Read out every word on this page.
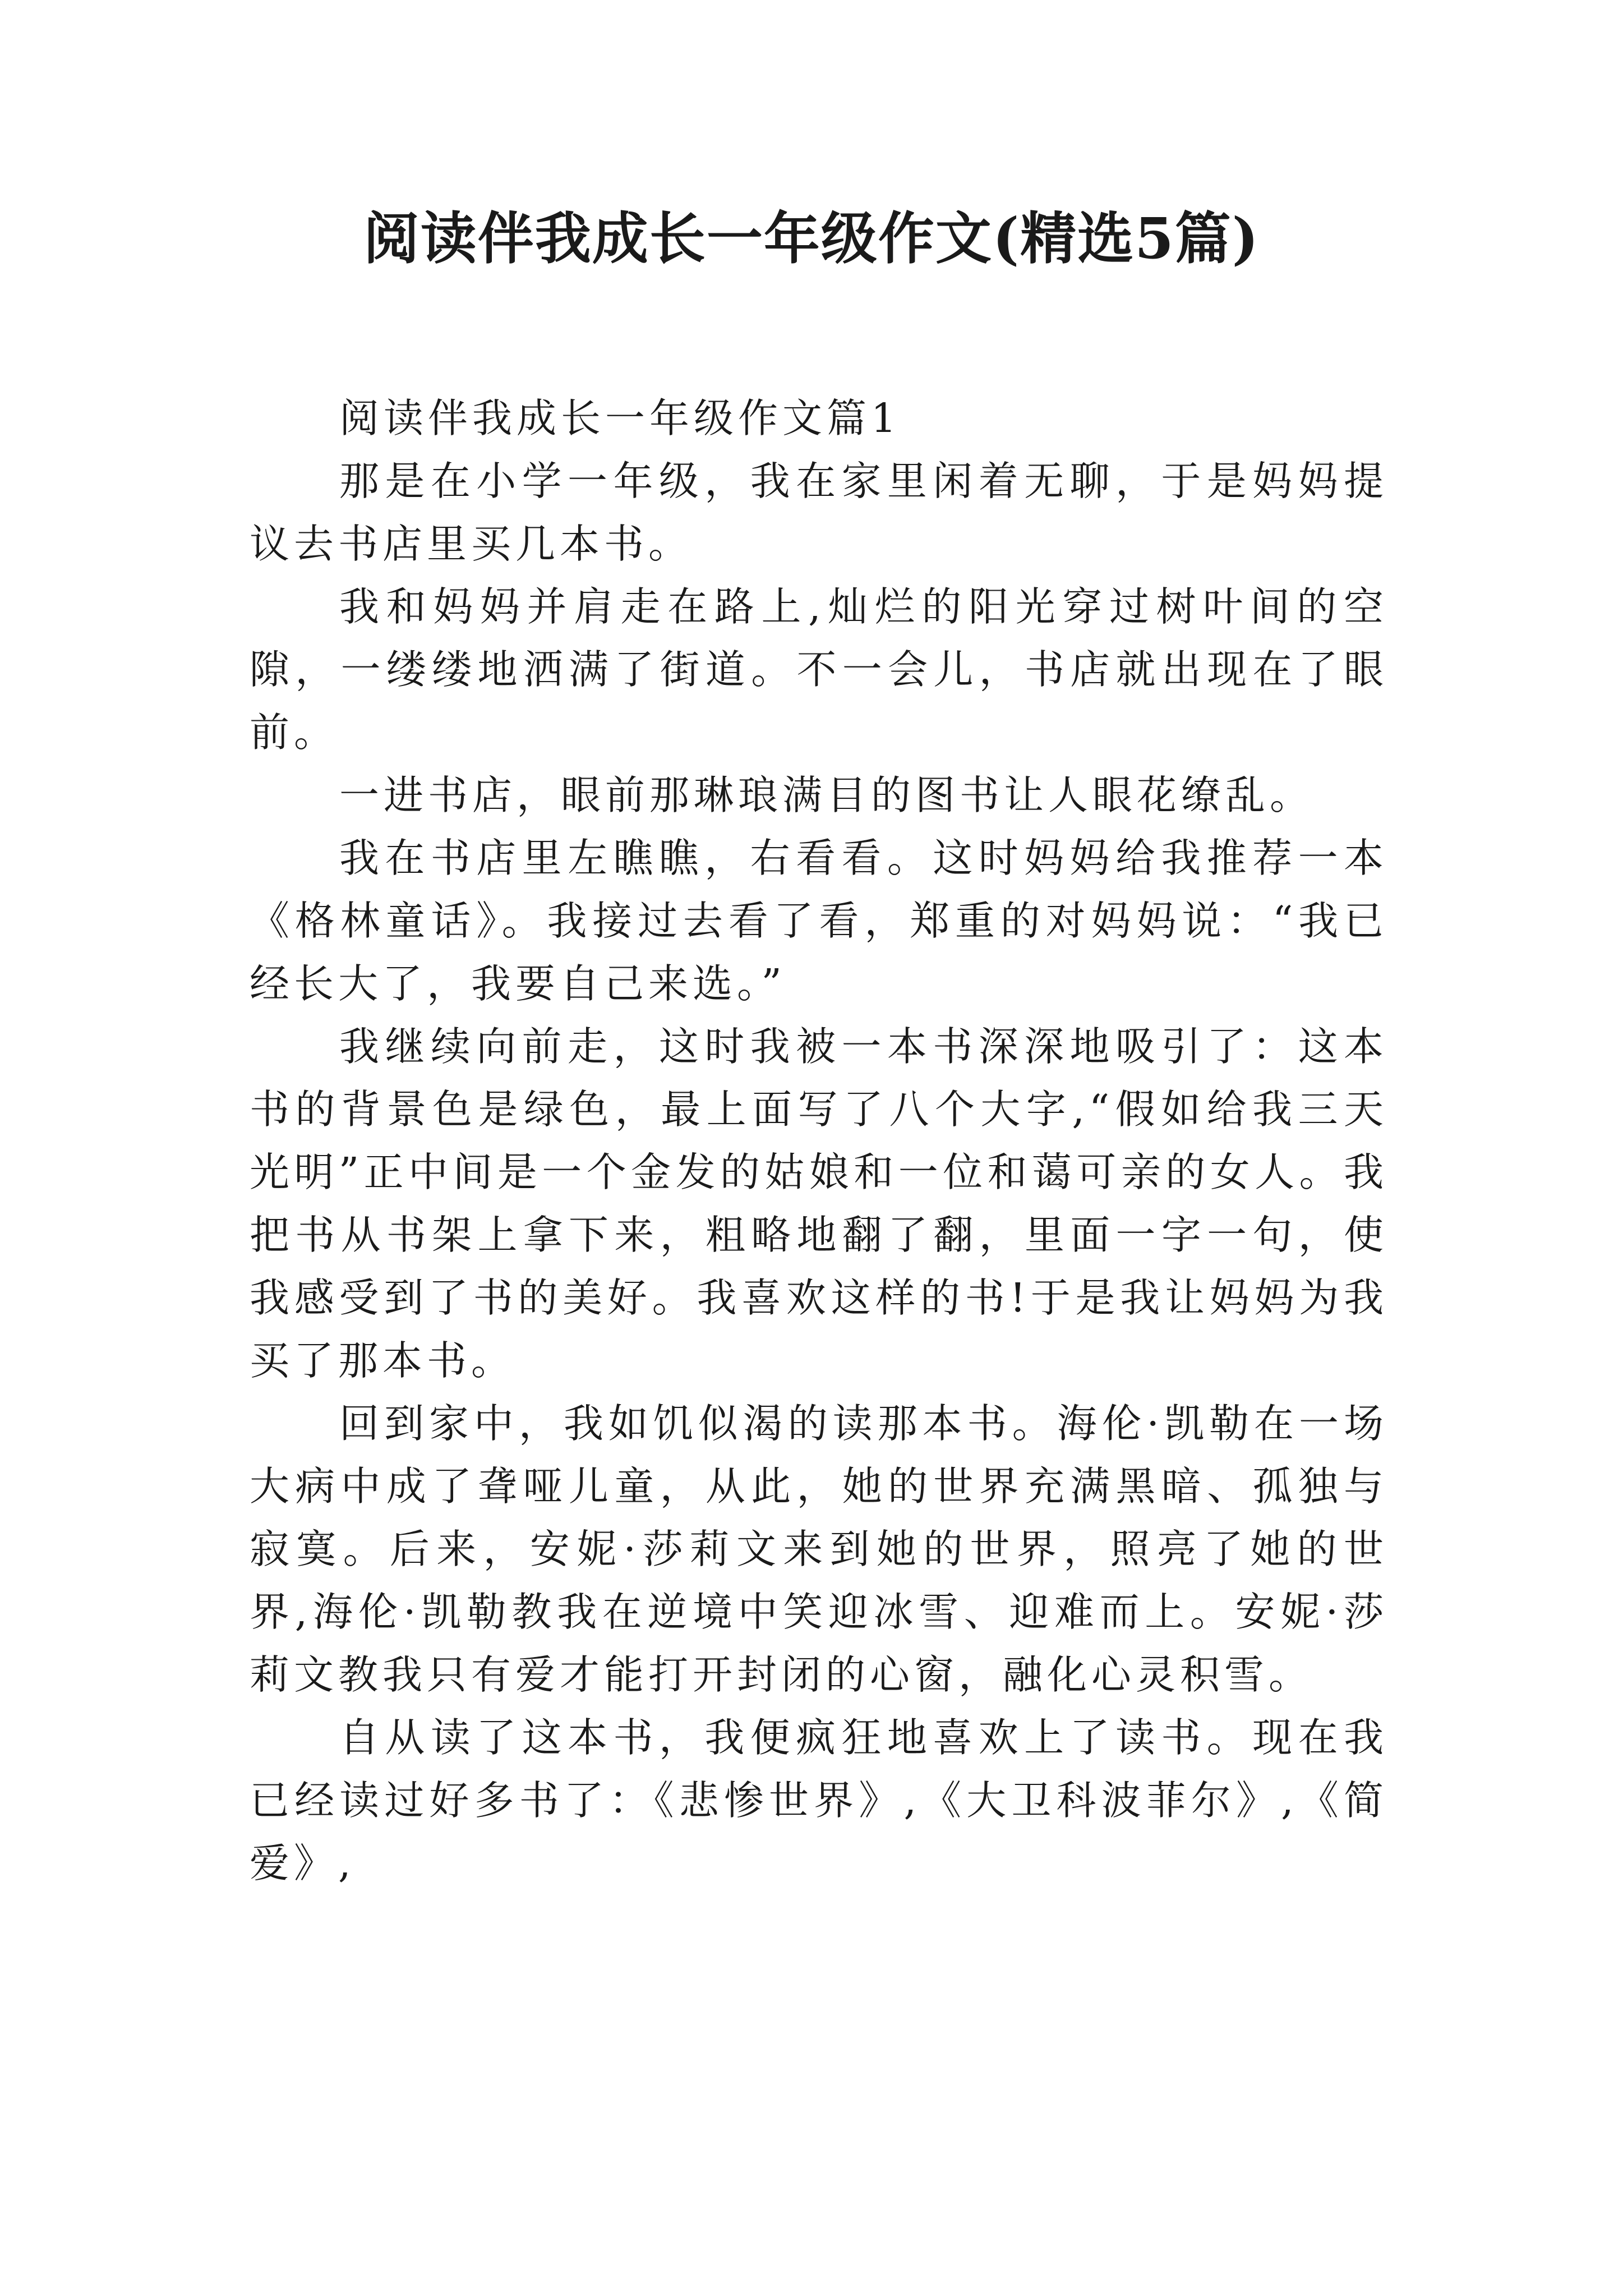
阅读伴我成长一年级作文(精选5篇)

阅读伴我成长一年级作文篇1

那是在小学一年级，我在家里闲着无聊，于是妈妈提议去书店里买几本书。

我和妈妈并肩走在路上,灿烂的阳光穿过树叶间的空隙，一缕缕地洒满了街道。不一会儿，书店就出现在了眼前。

一进书店，眼前那琳琅满目的图书让人眼花缭乱。

我在书店里左瞧瞧，右看看。这时妈妈给我推荐一本《格林童话》。我接过去看了看，郑重的对妈妈说：“我已经长大了，我要自己来选。”

我继续向前走，这时我被一本书深深地吸引了：这本书的背景色是绿色，最上面写了八个大字,“假如给我三天光明”正中间是一个金发的姑娘和一位和蔼可亲的女人。我把书从书架上拿下来，粗略地翻了翻，里面一字一句，使我感受到了书的美好。我喜欢这样的书!于是我让妈妈为我买了那本书。

回到家中，我如饥似渴的读那本书。海伦·凯勒在一场大病中成了聋哑儿童，从此，她的世界充满黑暗、孤独与寂寞。后来，安妮·莎莉文来到她的世界，照亮了她的世界,海伦·凯勒教我在逆境中笑迎冰雪、迎难而上。安妮·莎莉文教我只有爱才能打开封闭的心窗，融化心灵积雪。

自从读了这本书，我便疯狂地喜欢上了读书。现在我已经读过好多书了：《悲惨世界》,《大卫科波菲尔》,《简爱》,
